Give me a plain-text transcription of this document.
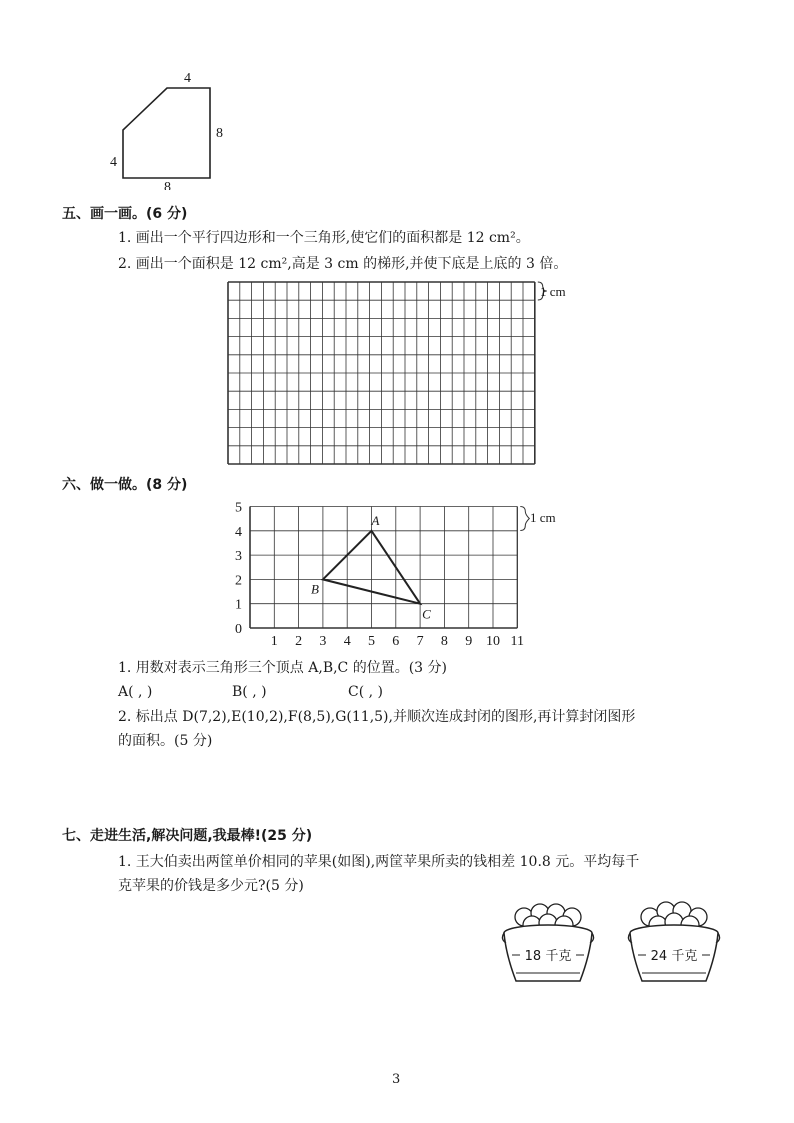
4
8
4
8
五、画一画。(6 分)
1. 画出一个平行四边形和一个三角形,使它们的面积都是 12 cm²。
2. 画出一个面积是 12 cm²,高是 3 cm 的梯形,并使下底是上底的 3 倍。
1 cm
六、做一做。(8 分)
1 2 3 4 5 6 7 8 9 10 11
0
1
2
3
4
5
A
B
C
1 cm
1. 用数对表示三角形三个顶点 A,B,C 的位置。(3 分)
A( , )	B( , )	C( , )
2. 标出点 D(7,2),E(10,2),F(8,5),G(11,5),并顺次连成封闭的图形,再计算封闭图形
的面积。(5 分)
七、走进生活,解决问题,我最棒!(25 分)
1. 王大伯卖出两筐单价相同的苹果(如图),两筐苹果所卖的钱相差 10.8 元。平均每千
克苹果的价钱是多少元?(5 分)
18 千克	24 千克
3
